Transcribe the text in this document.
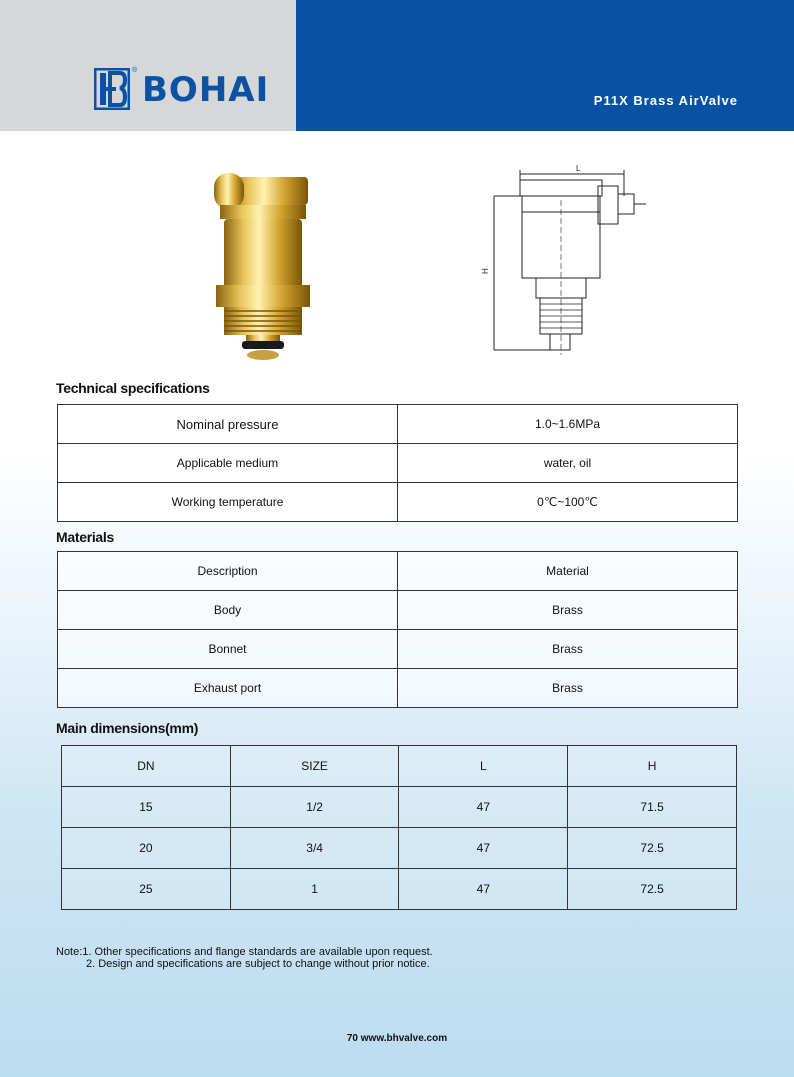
® BOHAI	P11X Brass AirValve
L
H
Technical specifications
Nominal pressure	1.0~1.6MPa
Applicable medium	water, oil
Working temperature	0℃~100℃
Materials
Description	Material
Body	Brass
Bonnet	Brass
Exhaust port	Brass
Main dimensions(mm)
DN	SIZE	L	H
15	1/2	47	71.5
20	3/4	47	72.5
25	1	47	72.5
Note:1. Other specifications and flange standards are available upon request.
2. Design and specifications are subject to change without prior notice.
70 www.bhvalve.com
